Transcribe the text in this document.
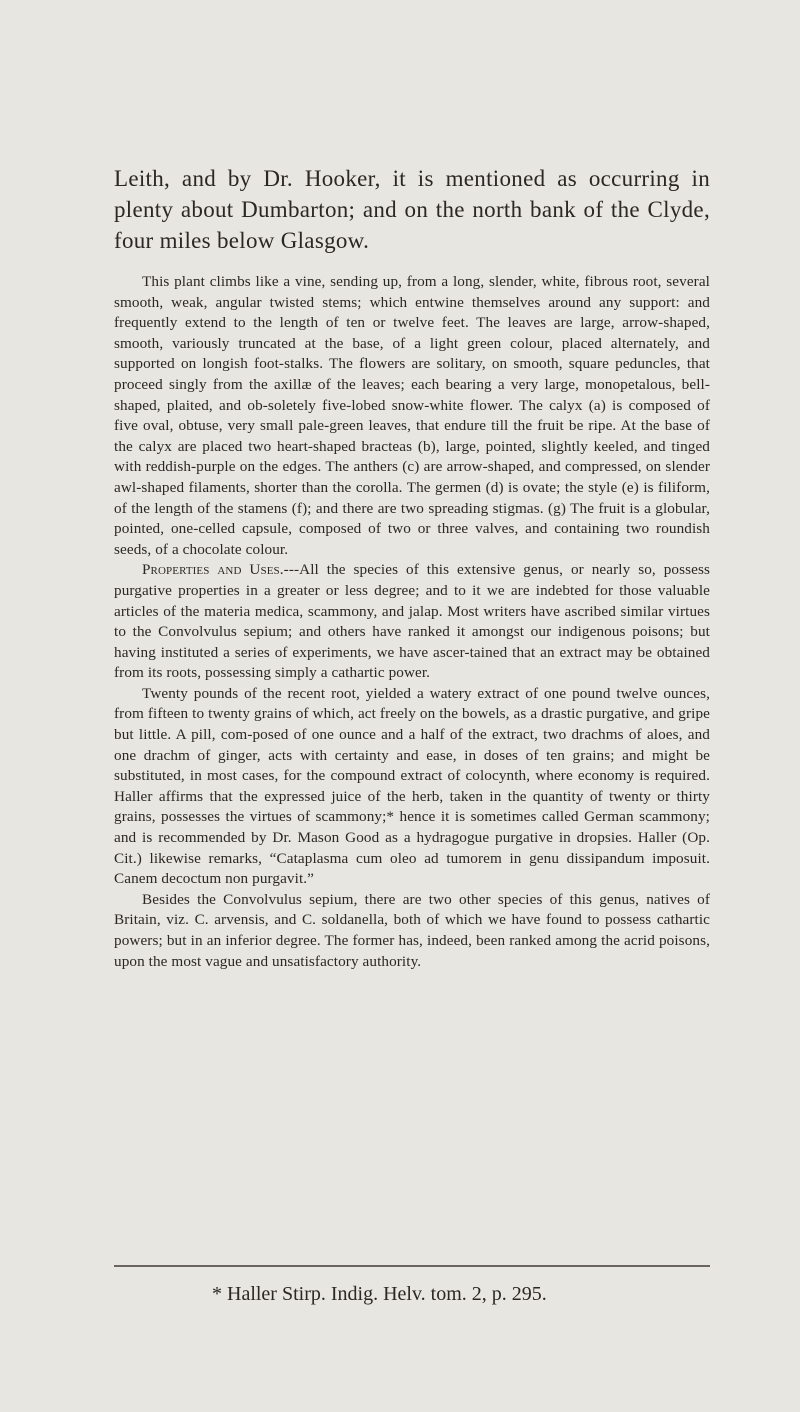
Leith, and by Dr. Hooker, it is mentioned as occurring in plenty about Dumbarton; and on the north bank of the Clyde, four miles below Glasgow.

This plant climbs like a vine, sending up, from a long, slender, white, fibrous root, several smooth, weak, angular twisted stems; which entwine themselves around any support: and frequently extend to the length of ten or twelve feet. The leaves are large, arrow-shaped, smooth, variously truncated at the base, of a light green colour, placed alternately, and supported on longish foot-stalks. The flowers are solitary, on smooth, square peduncles, that proceed singly from the axillæ of the leaves; each bearing a very large, monopetalous, bell-shaped, plaited, and ob-soletely five-lobed snow-white flower. The calyx (a) is composed of five oval, obtuse, very small pale-green leaves, that endure till the fruit be ripe. At the base of the calyx are placed two heart-shaped bracteas (b), large, pointed, slightly keeled, and tinged with reddish-purple on the edges. The anthers (c) are arrow-shaped, and compressed, on slender awl-shaped filaments, shorter than the corolla. The germen (d) is ovate; the style (e) is filiform, of the length of the stamens (f); and there are two spreading stigmas. (g) The fruit is a globular, pointed, one-celled capsule, composed of two or three valves, and containing two roundish seeds, of a chocolate colour.

Properties and Uses.---All the species of this extensive genus, or nearly so, possess purgative properties in a greater or less degree; and to it we are indebted for those valuable articles of the materia medica, scammony, and jalap. Most writers have ascribed similar virtues to the Convolvulus sepium; and others have ranked it amongst our indigenous poisons; but having instituted a series of experiments, we have ascer-tained that an extract may be obtained from its roots, possessing simply a cathartic power.

Twenty pounds of the recent root, yielded a watery extract of one pound twelve ounces, from fifteen to twenty grains of which, act freely on the bowels, as a drastic purgative, and gripe but little. A pill, com-posed of one ounce and a half of the extract, two drachms of aloes, and one drachm of ginger, acts with certainty and ease, in doses of ten grains; and might be substituted, in most cases, for the compound extract of colocynth, where economy is required. Haller affirms that the expressed juice of the herb, taken in the quantity of twenty or thirty grains, possesses the virtues of scammony;* hence it is sometimes called German scammony; and is recommended by Dr. Mason Good as a hydragogue purgative in dropsies. Haller (Op. Cit.) likewise remarks, “Cataplasma cum oleo ad tumorem in genu dissipandum imposuit. Canem decoctum non purgavit.”

Besides the Convolvulus sepium, there are two other species of this genus, natives of Britain, viz. C. arvensis, and C. soldanella, both of which we have found to possess cathartic powers; but in an inferior degree. The former has, indeed, been ranked among the acrid poisons, upon the most vague and unsatisfactory authority.

* Haller Stirp. Indig. Helv. tom. 2, p. 295.
